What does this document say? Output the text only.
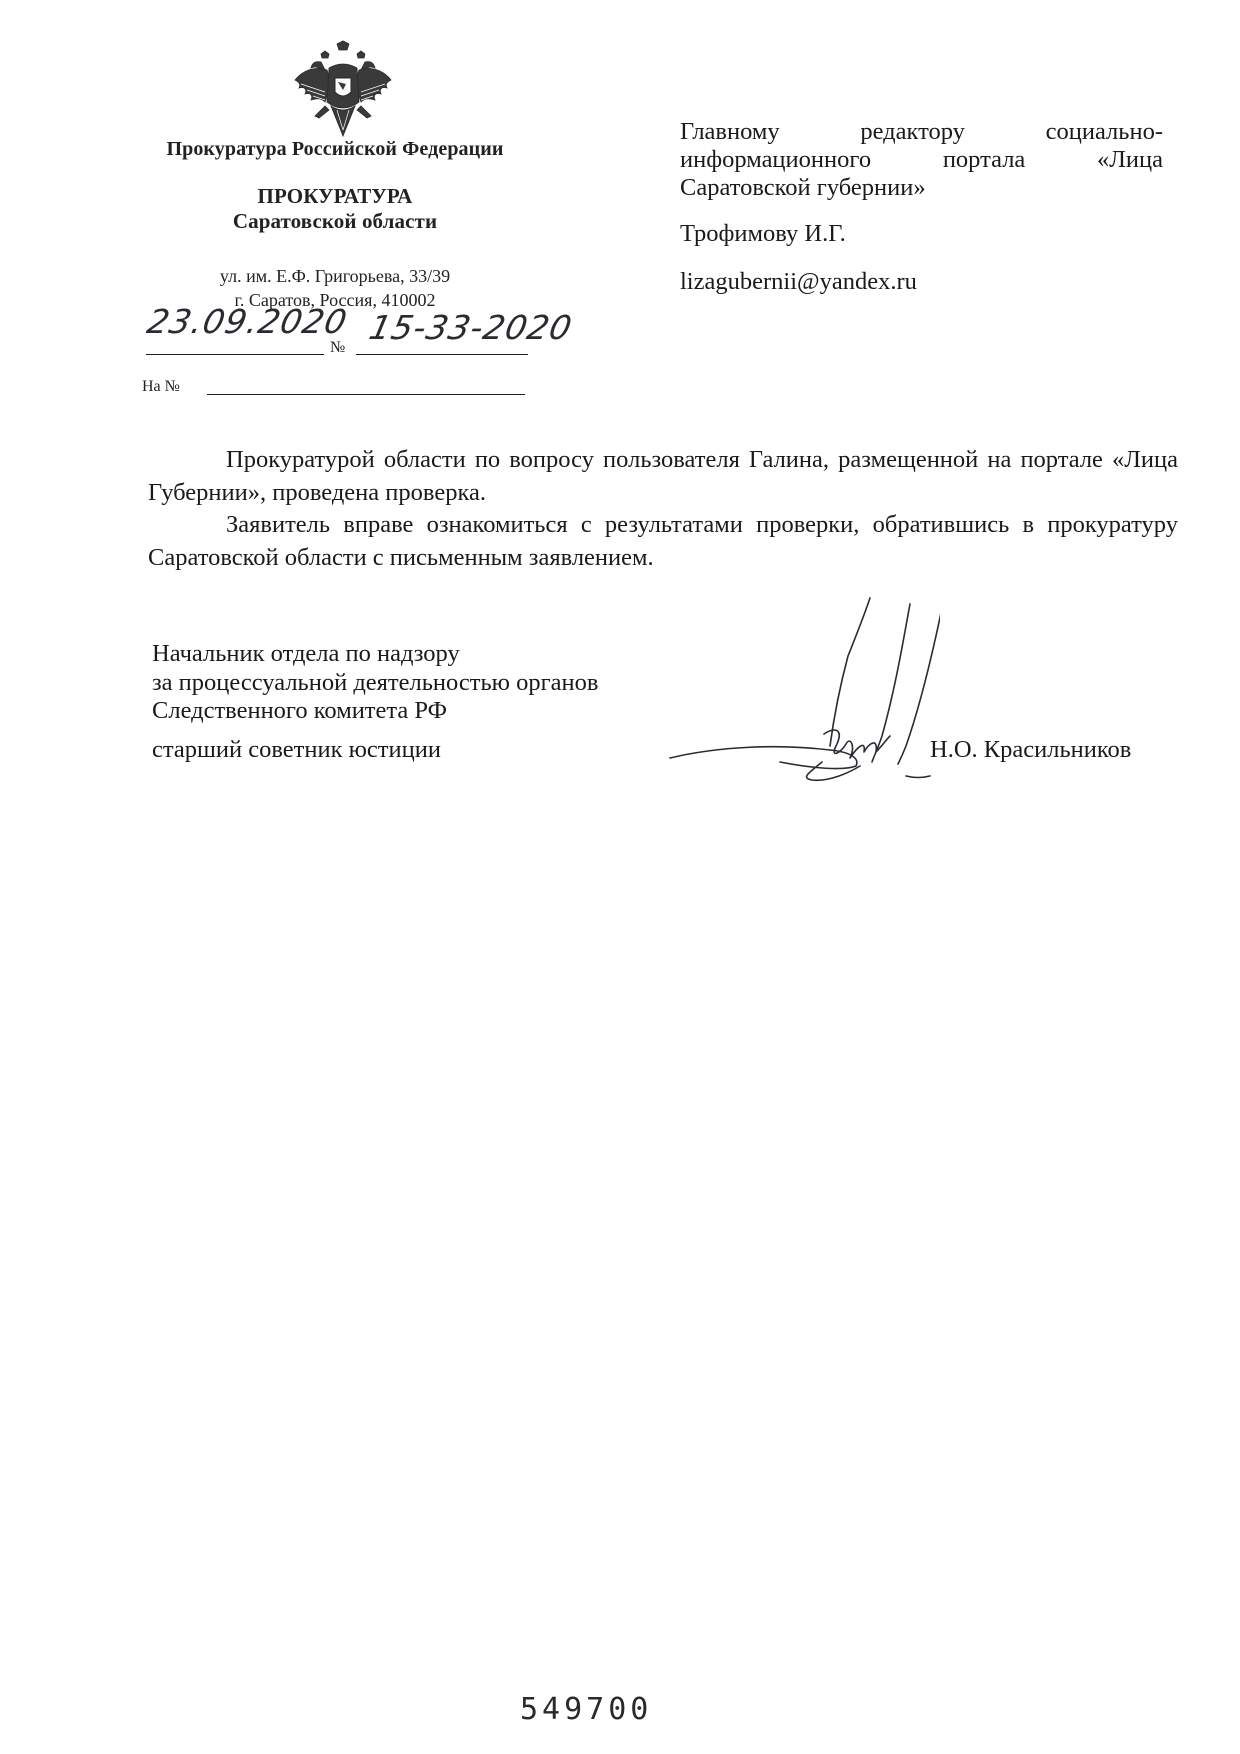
Прокуратура Российской Федерации
ПРОКУРАТУРА
Саратовской области
ул. им. Е.Ф. Григорьева, 33/39
г. Саратов, Россия, 410002
23.09.2020
№
15-33-2020
На №
Главному	редактору	социально-
информационного	портала	«Лица
Саратовской губернии»
Трофимову И.Г.
lizagubernii@yandex.ru

Прокуратурой области по вопросу пользователя Галина, размещенной на портале «Лица Губернии», проведена проверка.

Заявитель вправе ознакомиться с результатами проверки, обратившись в прокуратуру Саратовской области с письменным заявлением.

Начальник отдела по надзору
за процессуальной деятельностью органов
Следственного комитета РФ
старший советник юстиции	Н.О. Красильников
549700
